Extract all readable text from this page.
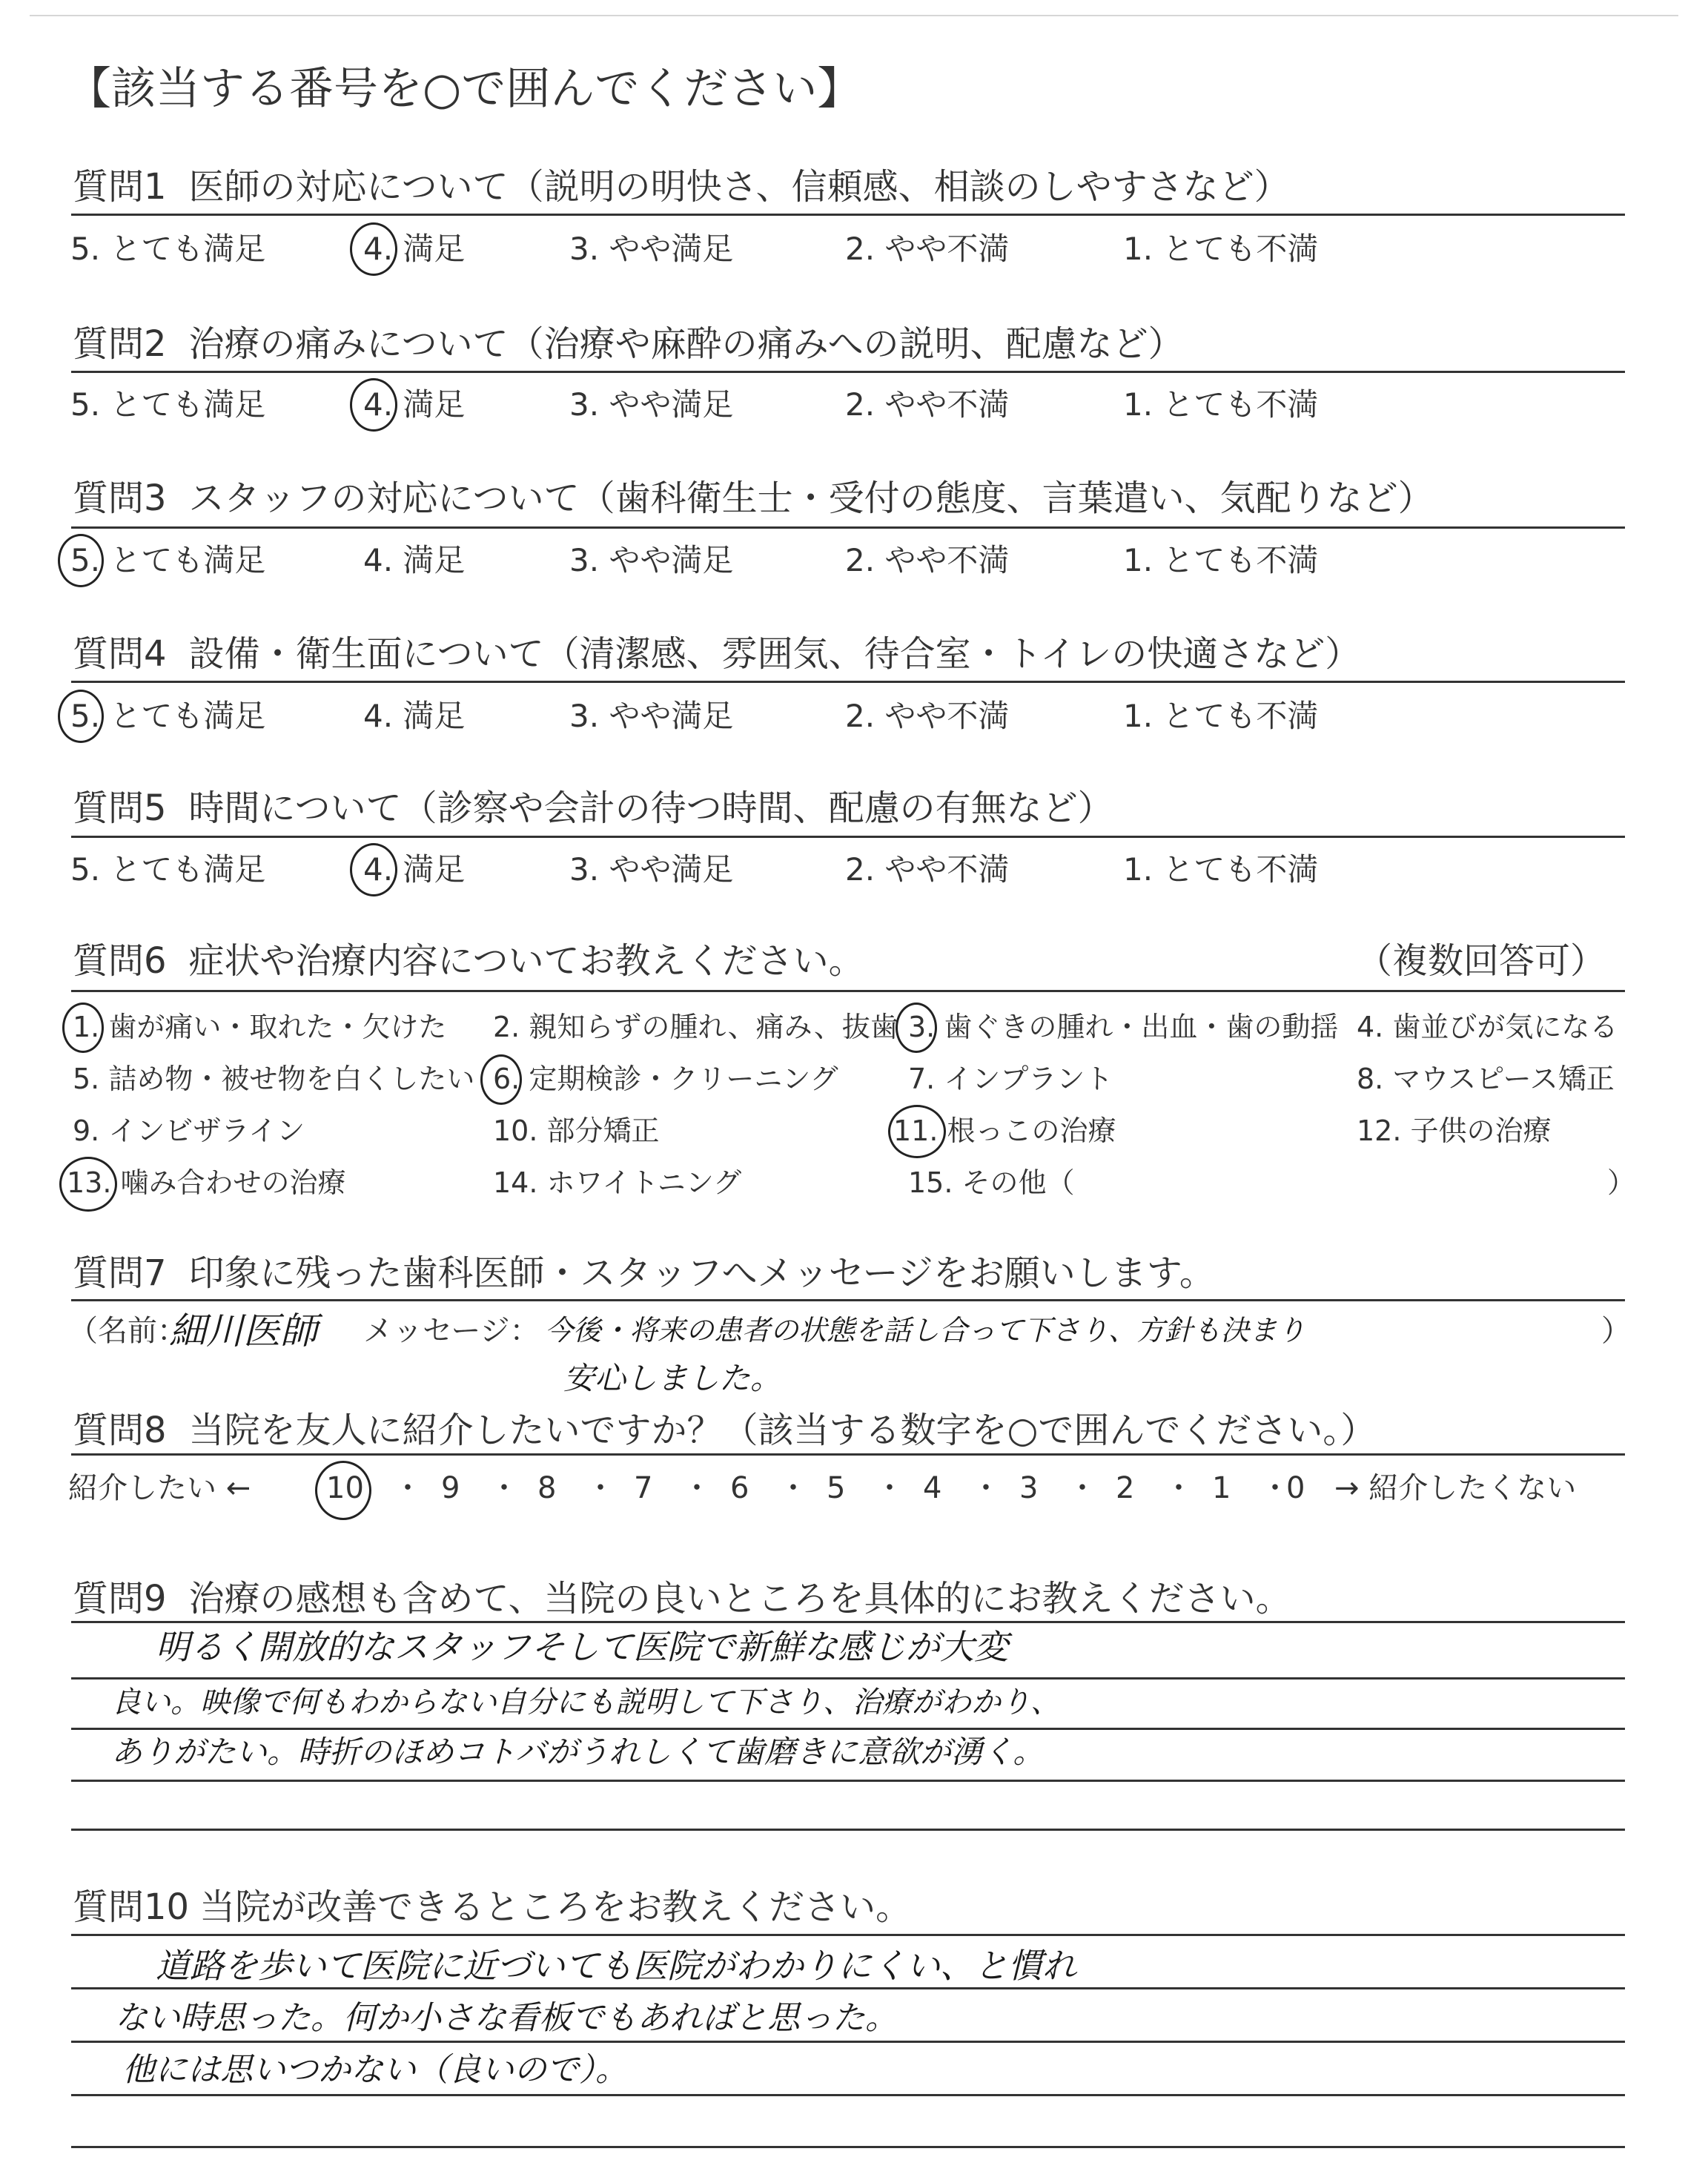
【該当する番号を○で囲んでください】
質問1 医師の対応について（説明の明快さ、信頼感、相談のしやすさなど）
5. とても満足	4. 満足	3. やや満足	2. やや不満	1. とても不満
質問2 治療の痛みについて（治療や麻酔の痛みへの説明、配慮など）
5. とても満足	4. 満足	3. やや満足	2. やや不満	1. とても不満
質問3 スタッフの対応について（歯科衛生士・受付の態度、言葉遣い、気配りなど）
5. とても満足	4. 満足	3. やや満足	2. やや不満	1. とても不満
質問4 設備・衛生面について（清潔感、雰囲気、待合室・トイレの快適さなど）
5. とても満足	4. 満足	3. やや満足	2. やや不満	1. とても不満
質問5 時間について（診察や会計の待つ時間、配慮の有無など）
5. とても満足	4. 満足	3. やや満足	2. やや不満	1. とても不満
質問6 症状や治療内容についてお教えください。	（複数回答可）
1. 歯が痛い・取れた・欠けた 2. 親知らずの腫れ、痛み、抜歯 3. 歯ぐきの腫れ・出血・歯の動揺 4. 歯並びが気になる
5. 詰め物・被せ物を白くしたい 6. 定期検診・クリーニング 7. インプラント	8. マウスピース矯正
9. インビザライン	10. 部分矯正	11. 根っこの治療	12. 子供の治療
13. 噛み合わせの治療	14. ホワイトニング	15. その他（	）
質問7 印象に残った歯科医師・スタッフへメッセージをお願いします。
（名前：
細川医師 メッセージ： 今後・将来の患者の状態を話し合って下さり、方針も決まり	）
安心しました。
質問8 当院を友人に紹介したいですか？（該当する数字を○で囲んでください。）
紹介したい ←	10 ・ 9 ・ 8 ・ 7 ・ 6 ・ 5 ・ 4 ・ 3 ・ 2 ・ 1 ・
0 → 紹介したくない
質問9 治療の感想も含めて、当院の良いところを具体的にお教えください。
明るく開放的なスタッフそして医院で新鮮な感じが大変
良い。映像で何もわからない自分にも説明して下さり、治療がわかり、
ありがたい。時折のほめコトバがうれしくて歯磨きに意欲が湧く。
質問10 当院が改善できるところをお教えください。
道路を歩いて医院に近づいても医院がわかりにくい、と慣れ
ない時思った。何か小さな看板でもあればと思った。
他には思いつかない（良いので）。
